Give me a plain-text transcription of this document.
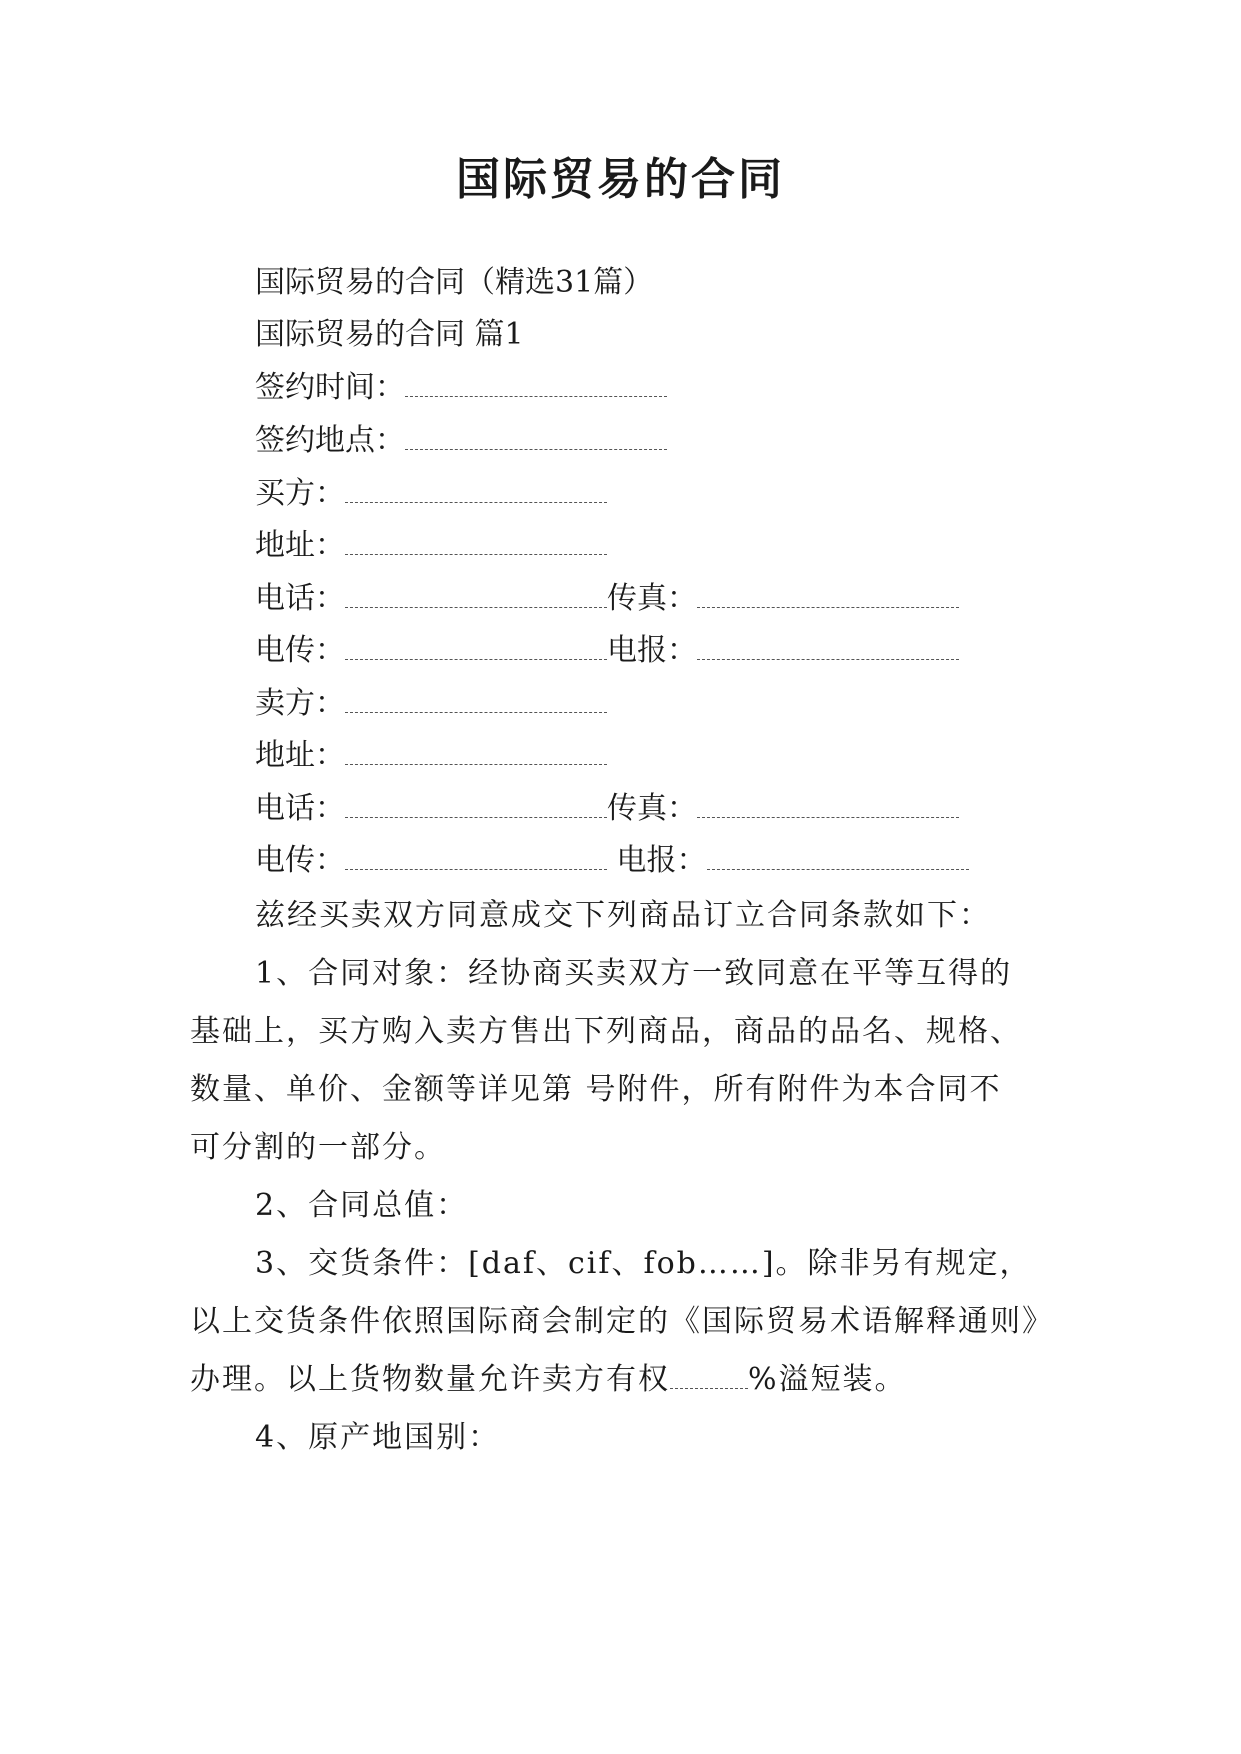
国际贸易的合同
国际贸易的合同（精选31篇）
国际贸易的合同 篇1
签约时间：
签约地点：
买方：
地址：
电话：	传真：
电传：	电报：
卖方：
地址：
电话：	传真：
电传：	电报：

兹经买卖双方同意成交下列商品订立合同条款如下：

1、合同对象：经协商买卖双方一致同意在平等互得的

基础上，买方购入卖方售出下列商品，商品的品名、规格、

数量、单价、金额等详见第 号附件，所有附件为本合同不

可分割的一部分。

2、合同总值：

3、交货条件：[daf、cif、fob……]。除非另有规定，

以上交货条件依照国际商会制定的《国际贸易术语解释通则》

办理。以上货物数量允许卖方有权	%溢短装。

4、原产地国别：
